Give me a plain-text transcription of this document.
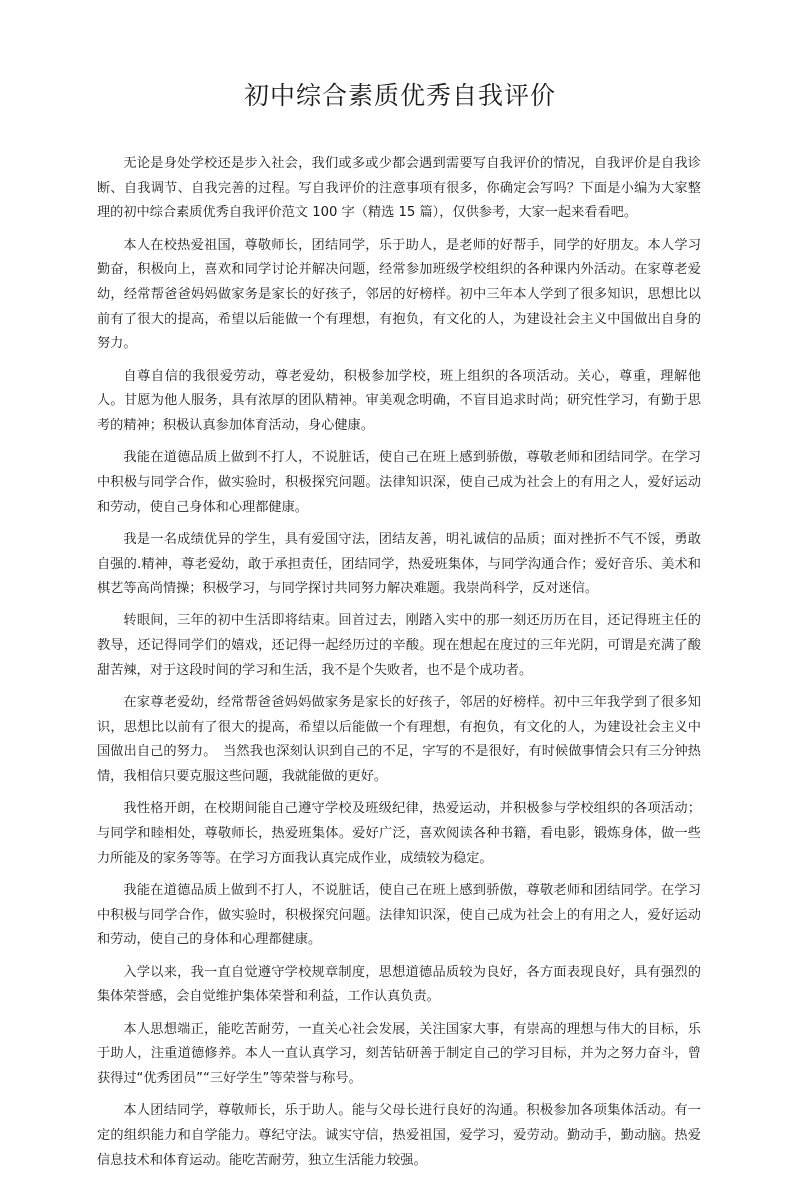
初中综合素质优秀自我评价

无论是身处学校还是步入社会，我们或多或少都会遇到需要写自我评价的情况，自我评价是自我诊断、自我调节、自我完善的过程。写自我评价的注意事项有很多，你确定会写吗？下面是小编为大家整理的初中综合素质优秀自我评价范文 100 字（精选 15 篇），仅供参考，大家一起来看看吧。

本人在校热爱祖国，尊敬师长，团结同学，乐于助人，是老师的好帮手，同学的好朋友。本人学习勤奋，积极向上，喜欢和同学讨论并解决问题，经常参加班级学校组织的各种课内外活动。在家尊老爱幼，经常帮爸爸妈妈做家务是家长的好孩子，邻居的好榜样。初中三年本人学到了很多知识，思想比以前有了很大的提高，希望以后能做一个有理想，有抱负，有文化的人，为建设社会主义中国做出自身的努力。

自尊自信的我很爱劳动，尊老爱幼，积极参加学校，班上组织的各项活动。关心，尊重，理解他人。甘愿为他人服务，具有浓厚的团队精神。审美观念明确，不盲目追求时尚；研究性学习，有勤于思考的精神；积极认真参加体育活动，身心健康。

我能在道德品质上做到不打人，不说脏话，使自己在班上感到骄傲，尊敬老师和团结同学。在学习中积极与同学合作，做实验时，积极探究问题。法律知识深，使自己成为社会上的有用之人，爱好运动和劳动，使自己身体和心理都健康。

我是一名成绩优异的学生，具有爱国守法，团结友善，明礼诚信的品质；面对挫折不气不馁，勇敢自强的.精神，尊老爱幼，敢于承担责任，团结同学，热爱班集体，与同学沟通合作；爱好音乐、美术和棋艺等高尚情操；积极学习，与同学探讨共同努力解决难题。我崇尚科学，反对迷信。

转眼间，三年的初中生活即将结束。回首过去，刚踏入实中的那一刻还历历在目，还记得班主任的教导，还记得同学们的嬉戏，还记得一起经历过的辛酸。现在想起在度过的三年光阴，可谓是充满了酸甜苦辣，对于这段时间的学习和生活，我不是个失败者，也不是个成功者。

在家尊老爱幼，经常帮爸爸妈妈做家务是家长的好孩子，邻居的好榜样。初中三年我学到了很多知识，思想比以前有了很大的提高，希望以后能做一个有理想，有抱负，有文化的人，为建设社会主义中国做出自己的努力。　当然我也深刻认识到自己的不足，字写的不是很好，有时候做事情会只有三分钟热情，我相信只要克服这些问题，我就能做的更好。

我性格开朗，在校期间能自己遵守学校及班级纪律，热爱运动，并积极参与学校组织的各项活动；与同学和睦相处，尊敬师长，热爱班集体。爱好广泛，喜欢阅读各种书籍，看电影，锻炼身体，做一些力所能及的家务等等。在学习方面我认真完成作业，成绩较为稳定。

我能在道德品质上做到不打人，不说脏话，使自己在班上感到骄傲，尊敬老师和团结同学。在学习中积极与同学合作，做实验时，积极探究问题。法律知识深，使自己成为社会上的有用之人，爱好运动和劳动，使自己的身体和心理都健康。

入学以来，我一直自觉遵守学校规章制度，思想道德品质较为良好，各方面表现良好，具有强烈的集体荣誉感，会自觉维护集体荣誉和利益，工作认真负责。

本人思想端正，能吃苦耐劳，一直关心社会发展，关注国家大事，有崇高的理想与伟大的目标，乐于助人，注重道德修养。本人一直认真学习，刻苦钻研善于制定自己的学习目标，并为之努力奋斗，曾获得过“优秀团员”“三好学生”等荣誉与称号。

本人团结同学，尊敬师长，乐于助人。能与父母长进行良好的沟通。积极参加各项集体活动。有一定的组织能力和自学能力。尊纪守法。诚实守信，热爱祖国，爱学习，爱劳动。勤动手，勤动脑。热爱信息技术和体育运动。能吃苦耐劳，独立生活能力较强。
